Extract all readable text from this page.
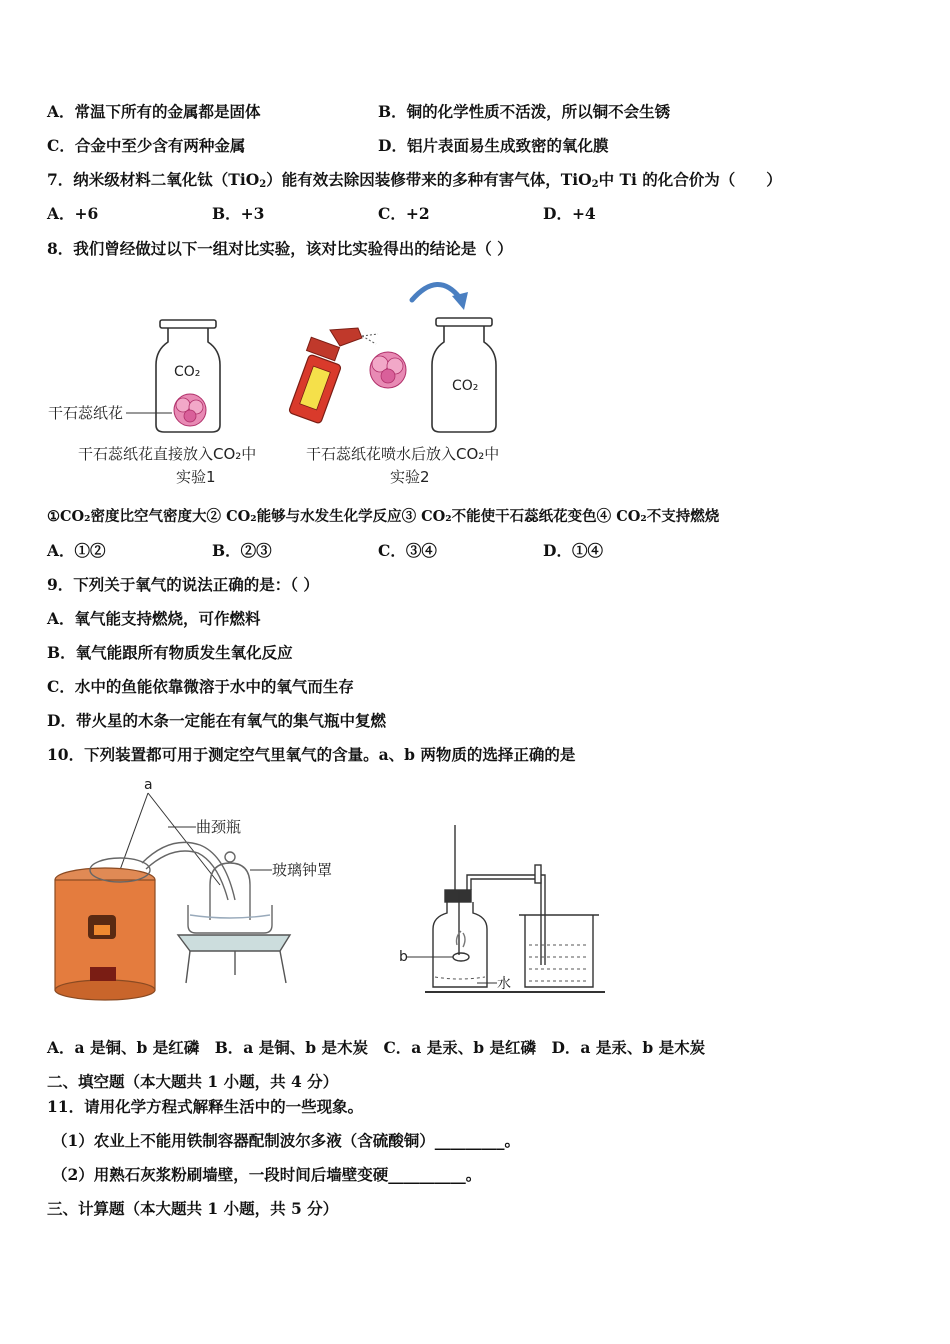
A．常温下所有的金属都是固体	B．铜的化学性质不活泼，所以铜不会生锈
C．合金中至少含有两种金属	D．铝片表面易生成致密的氧化膜
7．纳米级材料二氧化钛（TiO$_2$）能有效去除因装修带来的多种有害气体，TiO$_2$中 Ti 的化合价为（　　）
A．+6	B．+3	C．+2	D．+4
8．我们曾经做过以下一组对比实验，该对比实验得出的结论是（ ）
CO₂
干石蕊纸花
CO₂
干石蕊纸花直接放入CO₂中
实验1
干石蕊纸花喷水后放入CO₂中
实验2
①CO₂密度比空气密度大② CO₂能够与水发生化学反应③ CO₂不能使干石蕊纸花变色④ CO₂不支持燃烧
A．①②	B．②③	C．③④	D．①④
9．下列关于氧气的说法正确的是：（ ）
A．氧气能支持燃烧，可作燃料
B．氧气能跟所有物质发生氧化反应
C．水中的鱼能依靠微溶于水中的氧气而生存
D．带火星的木条一定能在有氧气的集气瓶中复燃
10．下列装置都可用于测定空气里氧气的含量。a、b 两物质的选择正确的是
a
曲颈瓶
玻璃钟罩
b
水
A．a 是铜、b 是红磷　B．a 是铜、b 是木炭　C．a 是汞、b 是红磷　D．a 是汞、b 是木炭
二、填空题（本大题共 1 小题，共 4 分）
11．请用化学方程式解释生活中的一些现象。
（1）农业上不能用铁制容器配制波尔多液（含硫酸铜）_________。
（2）用熟石灰浆粉刷墙壁，一段时间后墙壁变硬__________。
三、计算题（本大题共 1 小题，共 5 分）
